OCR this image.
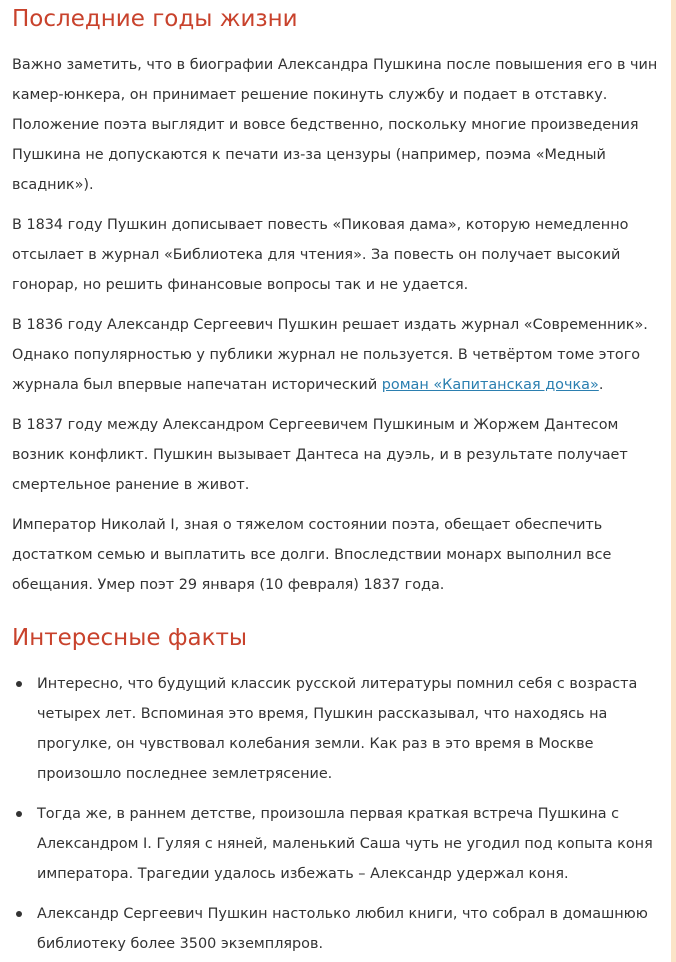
Последние годы жизни

Важно заметить, что в биографии Александра Пушкина после повышения его в чин камер-юнкера, он принимает решение покинуть службу и подает в отставку. Положение поэта выглядит и вовсе бедственно, поскольку многие произведения Пушкина не допускаются к печати из-за цензуры (например, поэма «Медный всадник»).

В 1834 году Пушкин дописывает повесть «Пиковая дама», которую немедленно отсылает в журнал «Библиотека для чтения». За повесть он получает высокий гонорар, но решить финансовые вопросы так и не удается.

В 1836 году Александр Сергеевич Пушкин решает издать журнал «Современник». Однако популярностью у публики журнал не пользуется. В четвёртом томе этого журнала был впервые напечатан исторический роман «Капитанская дочка».

В 1837 году между Александром Сергеевичем Пушкиным и Жоржем Дантесом возник конфликт. Пушкин вызывает Дантеса на дуэль, и в результате получает смертельное ранение в живот.

Император Николай I, зная о тяжелом состоянии поэта, обещает обеспечить достатком семью и выплатить все долги. Впоследствии монарх выполнил все обещания. Умер поэт 29 января (10 февраля) 1837 года.

Интересные факты
Интересно, что будущий классик русской литературы помнил себя с возраста четырех лет. Вспоминая это время, Пушкин рассказывал, что находясь на прогулке, он чувствовал колебания земли. Как раз в это время в Москве произошло последнее землетрясение.
Тогда же, в раннем детстве, произошла первая краткая встреча Пушкина с Александром I. Гуляя с няней, маленький Саша чуть не угодил под копыта коня императора. Трагедии удалось избежать – Александр удержал коня.
Александр Сергеевич Пушкин настолько любил книги, что собрал в домашнюю библиотеку более 3500 экземпляров.
